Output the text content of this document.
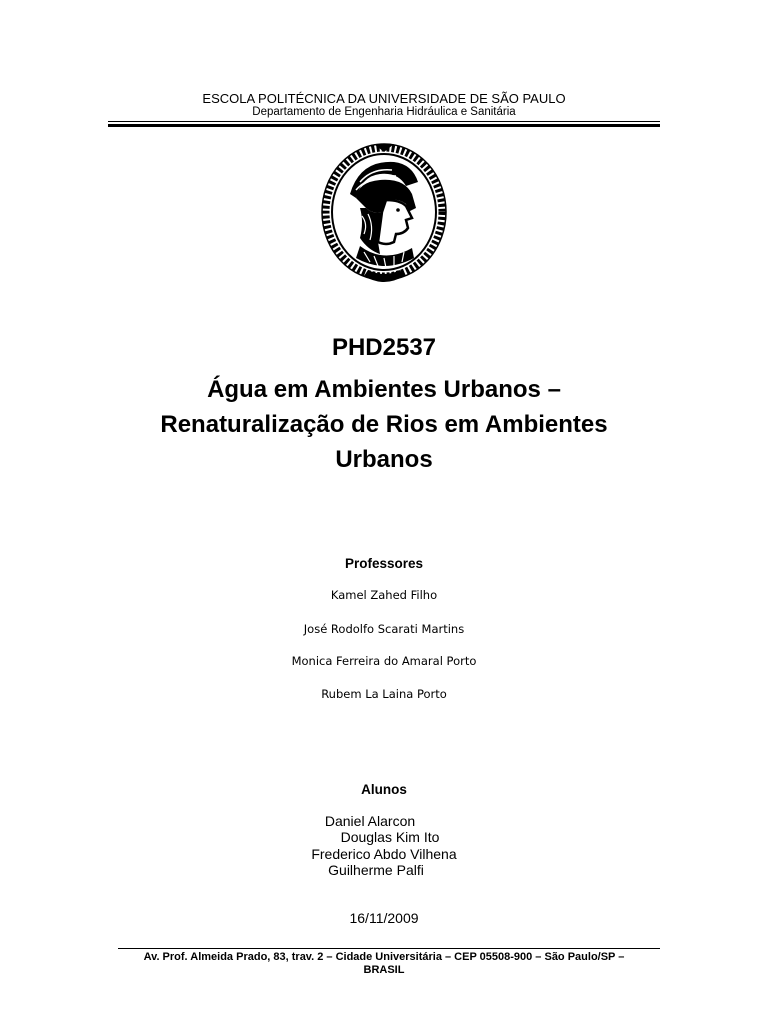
ESCOLA POLITÉCNICA DA UNIVERSIDADE DE SÃO PAULO
Departamento de Engenharia Hidráulica e Sanitária
PHD2537
Água em Ambientes Urbanos –
Renaturalização de Rios em Ambientes
Urbanos
Professores
Kamel Zahed Filho
José Rodolfo Scarati Martins
Monica Ferreira do Amaral Porto
Rubem La Laina Porto
Alunos
Daniel Alarcon
Douglas Kim Ito
Frederico Abdo Vilhena
Guilherme Palfi
16/11/2009
Av. Prof. Almeida Prado, 83, trav. 2 – Cidade Universitária – CEP 05508-900 – São Paulo/SP –
BRASIL
